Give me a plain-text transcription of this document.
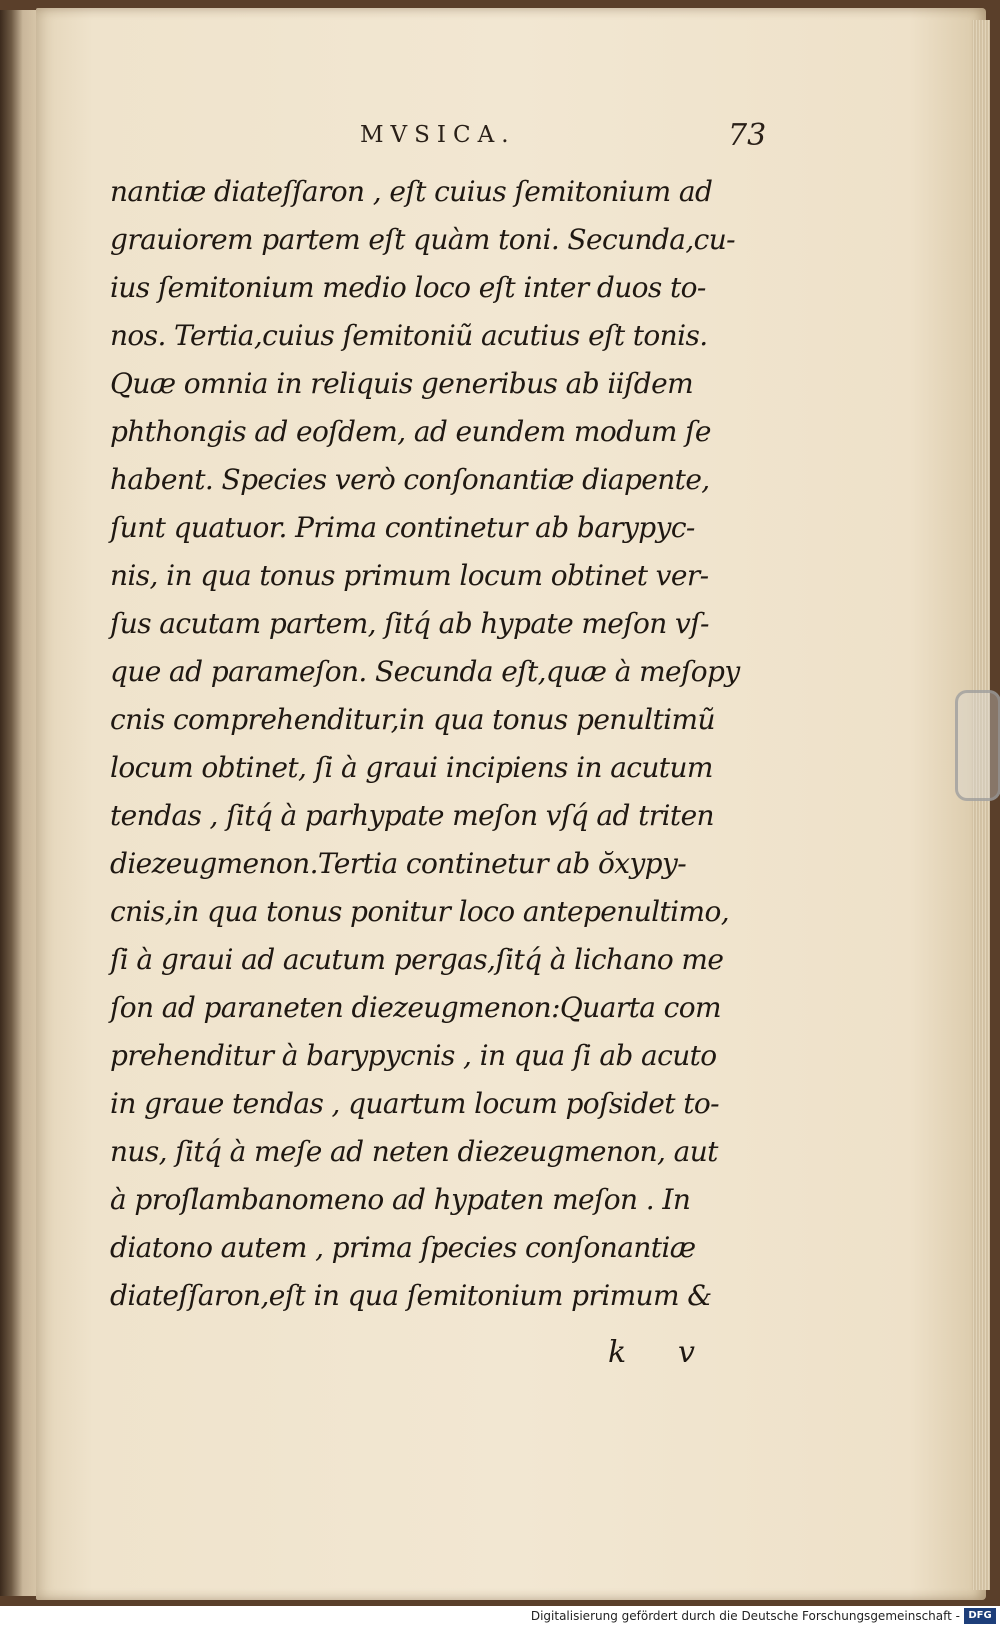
MVSICA.	73
nantiæ diateſſaron , eſt cuius ſemitonium ad
grauiorem partem eſt quàm toni. Secunda,cu-
ius ſemitonium medio loco eſt inter duos to-
nos. Tertia,cuius ſemitoniũ acutius eſt tonis.
Quæ omnia in reliquis generibus ab iiſdem
phthongis ad eoſdem, ad eundem modum ſe
habent. Species verò conſonantiæ diapente,
ſunt quatuor. Prima continetur ab barypyc-
nis, in qua tonus primum locum obtinet ver-
ſus acutam partem, ſitq́ ab hypate meſon vſ-
que ad parameſon. Secunda eſt,quæ à meſopy
cnis comprehenditur,in qua tonus penultimũ
locum obtinet, ſi à graui incipiens in acutum
tendas , ſitq́ à parhypate meſon vſq́ ad triten
diezeugmenon.Tertia continetur ab ŏxypy-
cnis,in qua tonus ponitur loco antepenultimo,
ſi à graui ad acutum pergas,ſitq́ à lichano me
ſon ad paraneten diezeugmenon:Quarta com
prehenditur à barypycnis , in qua ſi ab acuto
in graue tendas , quartum locum poſsidet to-
nus, ſitq́ à meſe ad neten diezeugmenon, aut
à proſlambanomeno ad hypaten meſon . In
diatono autem , prima ſpecies conſonantiæ
diateſſaron,eſt in qua ſemitonium primum &
k v
Digitalisierung gefördert durch die Deutsche Forschungsgemeinschaft - DFG
